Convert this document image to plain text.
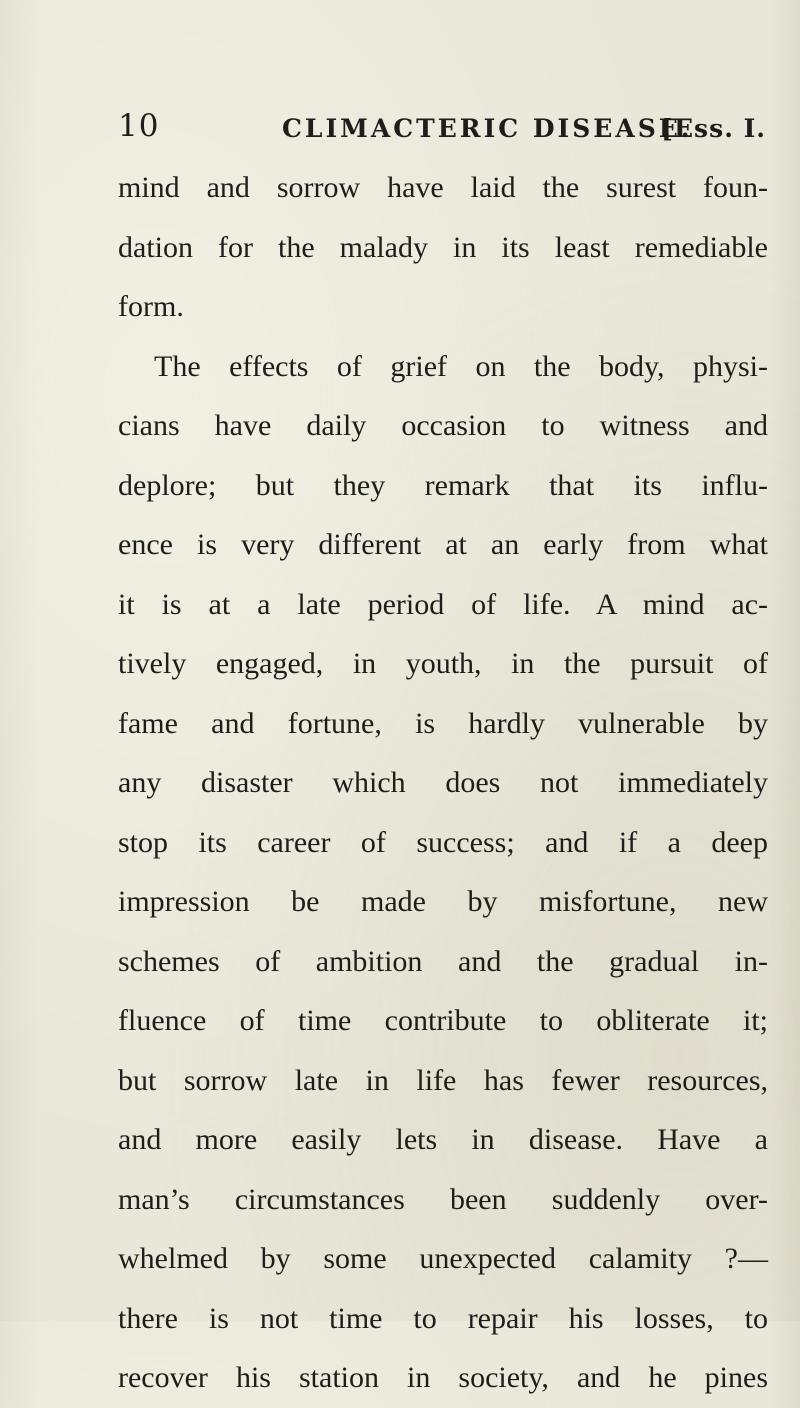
10	CLIMACTERIC DISEASE.
[Ess. I.
mind and sorrow have laid the surest foun-
dation for the malady in its least remediable
form.
The effects of grief on the body, physi-
cians have daily occasion to witness and
deplore; but they remark that its influ-
ence is very different at an early from what
it is at a late period of life. A mind ac-
tively engaged, in youth, in the pursuit of
fame and fortune, is hardly vulnerable by
any disaster which does not immediately
stop its career of success; and if a deep
impression be made by misfortune, new
schemes of ambition and the gradual in-
fluence of time contribute to obliterate it;
but sorrow late in life has fewer resources,
and more easily lets in disease. Have a
man’s circumstances been suddenly over-
whelmed by some unexpected calamity ?—
there is not time to repair his losses, to
recover his station in society, and he pines
